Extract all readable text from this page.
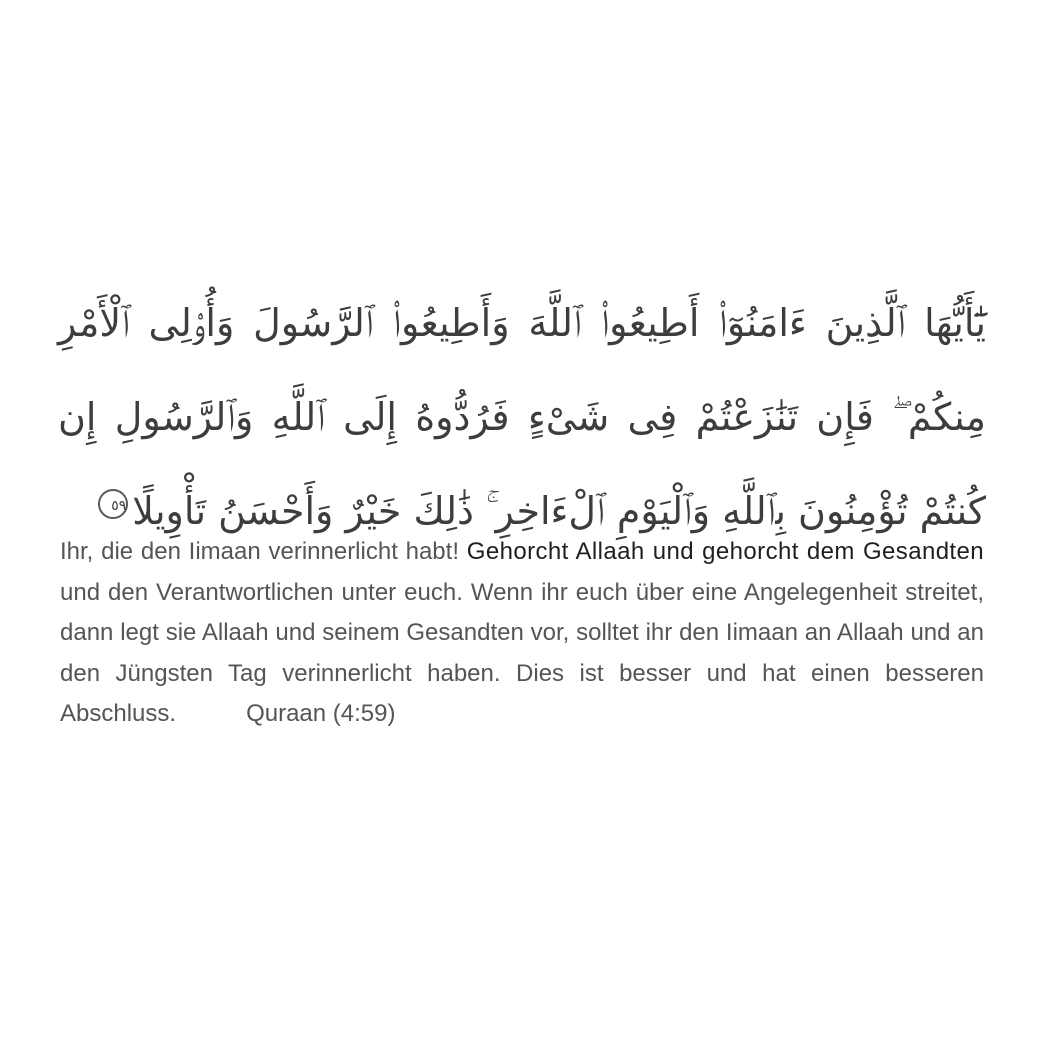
يَٰٓأَيُّهَا ٱلَّذِينَ ءَامَنُوٓا۟ أَطِيعُوا۟ ٱللَّهَ وَأَطِيعُوا۟ ٱلرَّسُولَ وَأُو۟لِى ٱلْأَمْرِ مِنكُمْ ۖ فَإِن تَنَٰزَعْتُمْ فِى شَىْءٍ فَرُدُّوهُ إِلَى ٱللَّهِ وَٱلرَّسُولِ إِن كُنتُمْ تُؤْمِنُونَ بِٱللَّهِ وَٱلْيَوْمِ ٱلْءَاخِرِ ۚ ذَٰلِكَ خَيْرٌ وَأَحْسَنُ تَأْوِيلًا٥٩

Ihr, die den Iimaan verinnerlicht habt! Gehorcht Allaah und gehorcht dem Gesandten und den Verantwortlichen unter euch. Wenn ihr euch über eine Angelegenheit streitet, dann legt sie Allaah und seinem Gesandten vor, solltet ihr den Iimaan an Allaah und an den Jüngsten Tag verinnerlicht haben. Dies ist besser und hat einen besseren Abschluss.	Quraan (4:59)
